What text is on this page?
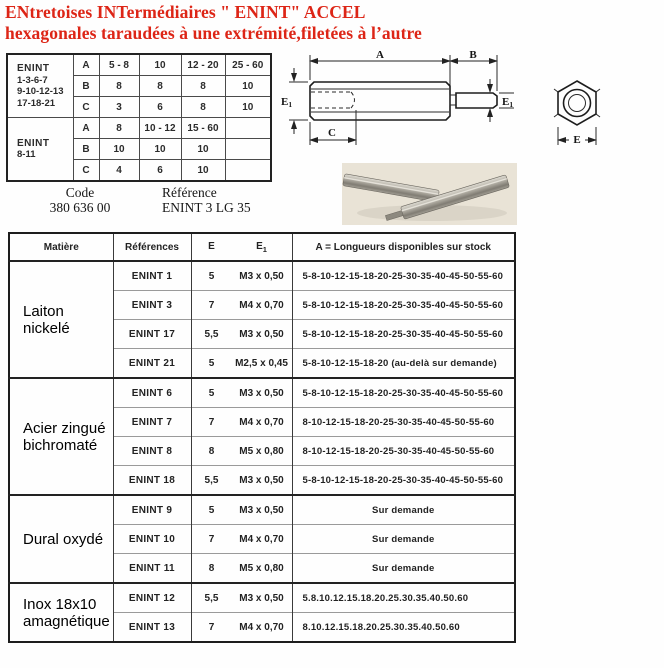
ENtretoises INTermédiaires " ENINT" ACCEL
hexagonales taraudées à une extrémité,filetées à l’autre
ENINT
1-3-6-7
9-10-12-13
17-18-21	A	5 - 8	10	12 - 20	25 - 60
	B	8	8	8	10
	C	3	6	8	10

ENINT
8-11	A	8	10 - 12	15 - 60	
	B	10	10	10	
	C	4	6	10	
A	B
E1	E1
C
E
Code
380 636 00
Référence
ENINT 3 LG 35
Matière	Références	E $E_1$	A = Longueurs disponibles sur stock

Laiton nickelé	ENINT 1	5 M3 x 0,50	5-8-10-12-15-18-20-25-30-35-40-45-50-55-60
	ENINT 3	7 M4 x 0,70	5-8-10-12-15-18-20-25-30-35-40-45-50-55-60
	ENINT 17	5,5 M3 x 0,50	5-8-10-12-15-18-20-25-30-35-40-45-50-55-60
	ENINT 21	5 M2,5 x 0,45	5-8-10-12-15-18-20 (au-delà sur demande)

Acier zingué
bichromaté
	ENINT 6	5	M3 x 0,50	5-8-10-12-15-18-20-25-30-35-40-45-50-55-60
	ENINT 7	7 M4 x 0,70	8-10-12-15-18-20-25-30-35-40-45-50-55-60
	ENINT 8	8 M5 x 0,80	8-10-12-15-18-20-25-30-35-40-45-50-55-60
	ENINT 18	5,5 M3 x 0,50	5-8-10-12-15-18-20-25-30-35-40-45-50-55-60

Dural oxydé	ENINT 9	5 M3 x 0,50	Sur demande
	ENINT 10	7 M4 x 0,70	Sur demande
	ENINT 11	8 M5 x 0,80	Sur demande

Inox 18x10
amagnétique
	ENINT 12	5,5	M3 x 0,50	5.8.10.12.15.18.20.25.30.35.40.50.60
	ENINT 13	7 M4 x 0,70	8.10.12.15.18.20.25.30.35.40.50.60
